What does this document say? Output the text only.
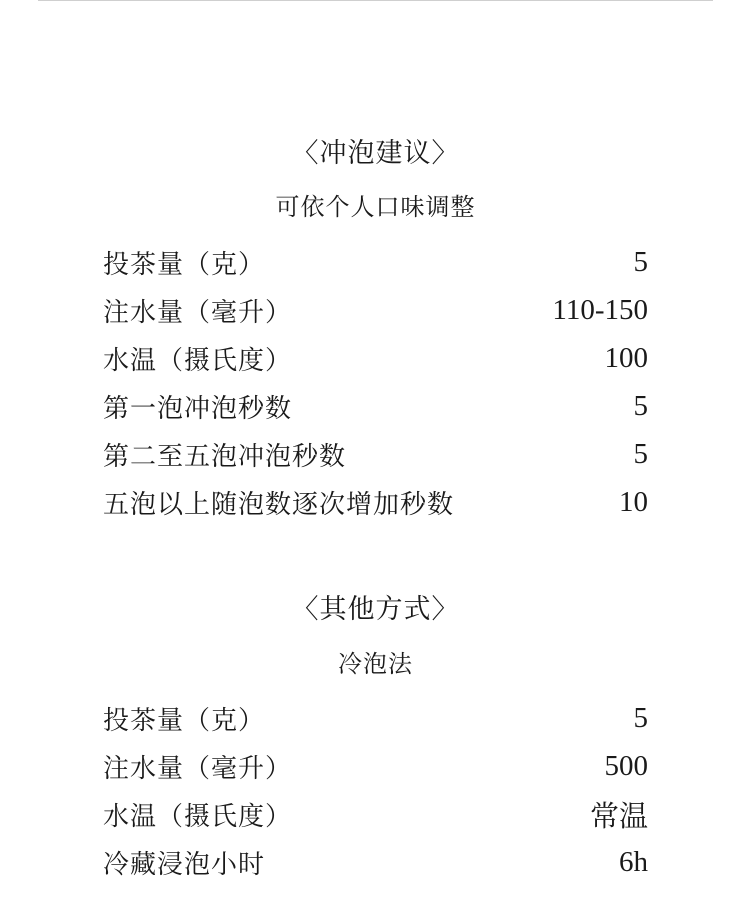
〈冲泡建议〉
可依个人口味调整
投茶量（克）	5
注水量（毫升）	110-150
水温（摄氏度）	100
第一泡冲泡秒数	5
第二至五泡冲泡秒数	5
五泡以上随泡数逐次增加秒数	10
〈其他方式〉
冷泡法
投茶量（克）	5
注水量（毫升）	500
水温（摄氏度）	常温
冷藏浸泡小时	6h
